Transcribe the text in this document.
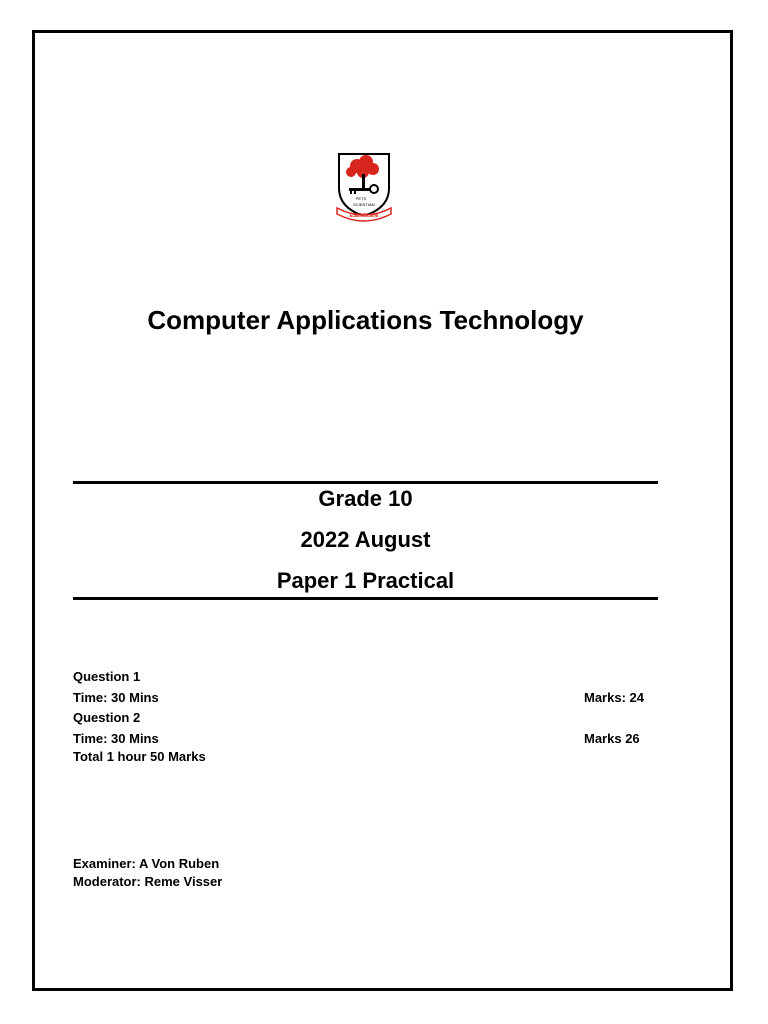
PETS
SCIENTIAM
ESENGLENI
Computer Applications Technology
Grade 10
2022 August
Paper 1 Practical
Question 1
Time: 30 Mins	Marks: 24
Question 2
Time: 30 Mins	Marks 26
Total 1 hour 50 Marks
Examiner: A Von Ruben
Moderator: Reme Visser
